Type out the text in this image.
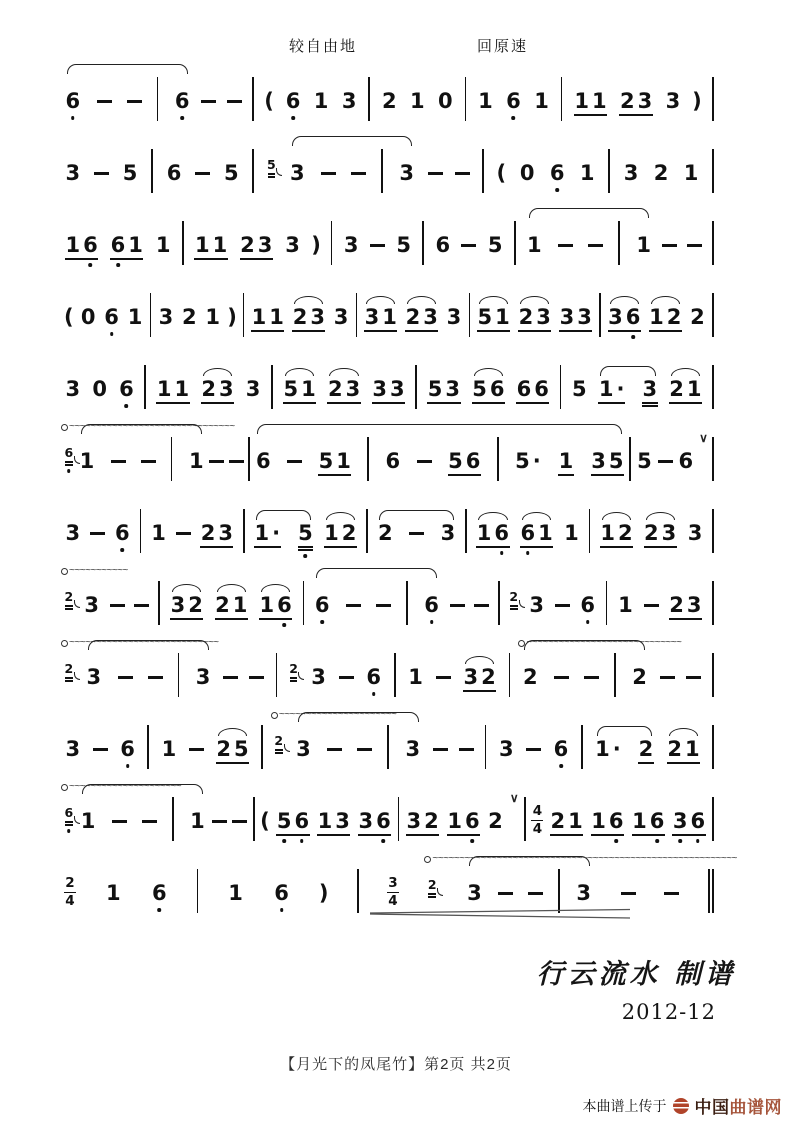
6	6	( 6 1 3 2 1 0 1 6 1 1 1 2 3 3 )
较自由地	回原速
3 5 6 5 5 3	3	( 0 6 1 3 2 1
1 6 6 1 1 1 1 2 3 3 ) 3 5 6 5 1	1
( 0 6 1 3 2 1 ) 1 1 2 3 3 3 1 2 3 3 5 1 2 3 3 3 3 6 1 2 2
3 0 6 1 1 2 3 3 5 1 2 3 3 3 5 3 5 6 6 6 5 1 · 3 2 1
6
~~~~~~~~~~~~~~~~~~~~~~~~~~~~~~~
1	1 6 5 1 6 5 6 5 · 1 3 5 5 6
∨
3 6 1 2 3 1 · 5 1 2 2 3 1 6 6 1 1 1 2 2 3 3
2
~~~~~~~~~~~
3	3 2 2 1 1 6 6	6	2 3 6 1 2 3
2
~~~~~~~~~~~~~~~~~~~~~~~~~~~~
3	3	2 3 6 1 3 2 2
~~~~~~~~~~~~~~~~~~~~~~~~~~~~~
2
3 6 1 2 5 2
~~~~~~~~~~~~~~~~~~~~~~
3	3	3 6 1 · 2 2 1
6
~~~~~~~~~~~~~~~~~~~~~
1	1	( 5 6 1 3 3 6 3 2 1 6 2
∨
4
4 2 1 1 6 1 6 3 6
2
4 1 6	1 6 )	3
4
2
~~~~~~~~~~~~~~~~~~~~~~~~~~~~~~~~~~~~~~~~~~~~~~~~~~~~~~~~~
3	3
行云流水 制谱
2012-12
【月光下的凤尾竹】第2页 共2页
本曲谱上传于 中国曲谱网
